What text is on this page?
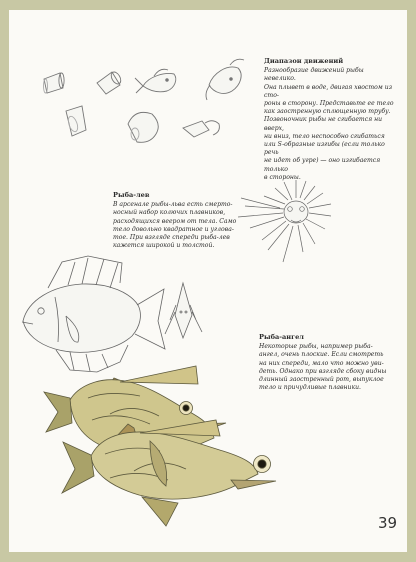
Диапазон движений

Разнообразие движений рыбы невелико.
Она плывет в воде, двигая хвостом из сто-
роны в сторону. Представьте ее тело
как заостренную сплющенную трубу.
Позвоночник рыбы не сгибается ни вверх,
ни вниз, тело неспособно сгибаться
или S-образные изгибы (если только речь
не идет об угре) — оно изгибается только
в стороны.

Рыба-лев

В арсенале рыбы-льва есть смерто-
носный набор колючих плавников,
расходящихся веером от тела. Само
тело довольно квадратное и угловa-
тое. При взгляде спереди рыба-лев
кажется широкой и толстой.

Рыба-ангел

Некоторые рыбы, например рыба-
ангел, очень плоские. Если смотреть
на них спереди, мало что можно уви-
деть. Однако при взгляде сбоку видны
длинный заостренный рот, выпуклое
тело и причудливые плавники.

39
